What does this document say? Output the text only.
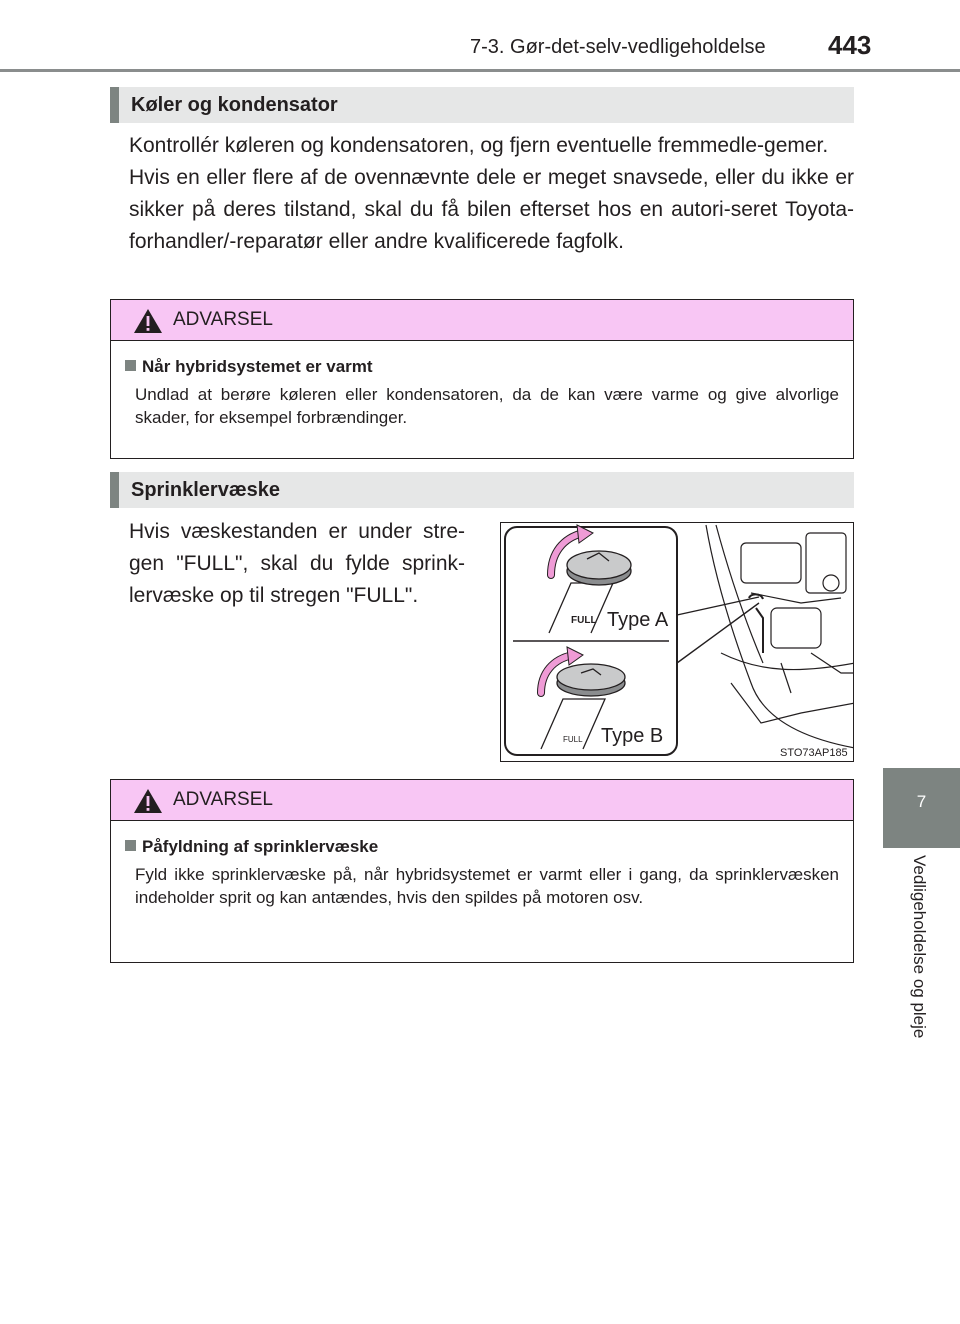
7-3. Gør-det-selv-vedligeholdelse 443
7
Vedligeholdelse og pleje
Køler og kondensator

Kontrollér køleren og kondensatoren, og fjern eventuelle fremmedle-gemer.

Hvis en eller flere af de ovennævnte dele er meget snavsede, eller du ikke er sikker på deres tilstand, skal du få bilen efterset hos en autori-seret Toyota-forhandler/-reparatør eller andre kvalificerede fagfolk.

ADVARSEL
Når hybridsystemet er varmt
Undlad at berøre køleren eller kondensatoren, da de kan være varme og give alvorlige skader, for eksempel forbrændinger.
Sprinklervæske

Hvis væskestanden er under stre-gen "FULL", skal du fylde sprink-lervæske op til stregen "FULL".

Type A
Type B
STO73AP185
FULL
FULL
ADVARSEL
Påfyldning af sprinklervæske
Fyld ikke sprinklervæske på, når hybridsystemet er varmt eller i gang, da sprinklervæsken indeholder sprit og kan antændes, hvis den spildes på motoren osv.
